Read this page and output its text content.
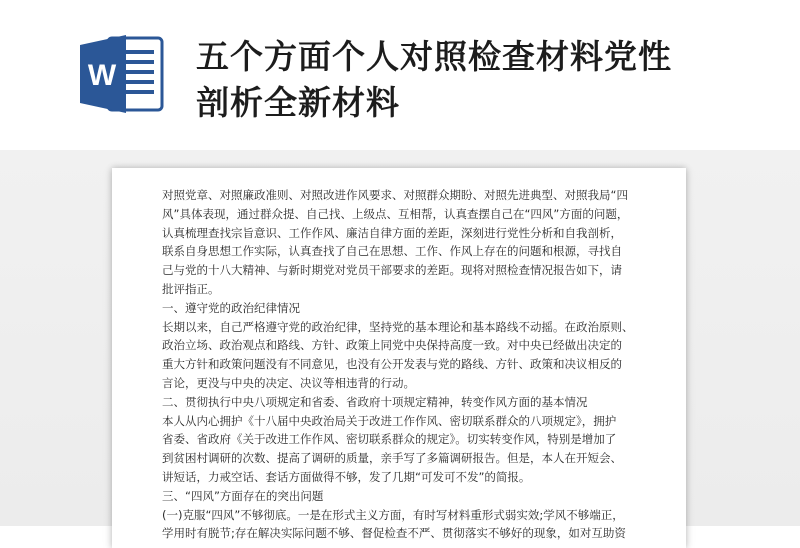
W 五个方面个人对照检查材料党性
剖析全新材料
对照党章、对照廉政准则、对照改进作风要求、对照群众期盼、对照先进典型、对照我局“四
风”具体表现，通过群众提、自己找、上级点、互相帮，认真查摆自己在“四风”方面的问题，
认真梳理查找宗旨意识、工作作风、廉洁自律方面的差距，深刻进行党性分析和自我剖析，
联系自身思想工作实际，认真查找了自己在思想、工作、作风上存在的问题和根源，寻找自
己与党的十八大精神、与新时期党对党员干部要求的差距。现将对照检查情况报告如下，请
批评指正。
一、遵守党的政治纪律情况
长期以来，自己严格遵守党的政治纪律，坚持党的基本理论和基本路线不动摇。在政治原则、
政治立场、政治观点和路线、方针、政策上同党中央保持高度一致。对中央已经做出决定的
重大方针和政策问题没有不同意见，也没有公开发表与党的路线、方针、政策和决议相反的
言论，更没与中央的决定、决议等相违背的行动。
二、贯彻执行中央八项规定和省委、省政府十项规定精神，转变作风方面的基本情况
本人从内心拥护《十八届中央政治局关于改进工作作风、密切联系群众的八项规定》，拥护
省委、省政府《关于改进工作作风、密切联系群众的规定》。切实转变作风，特别是增加了
到贫困村调研的次数、提高了调研的质量，亲手写了多篇调研报告。但是，本人在开短会、
讲短话，力戒空话、套话方面做得不够，发了几期“可发可不发”的简报。
三、“四风”方面存在的突出问题
(一)克服“四风”不够彻底。一是在形式主义方面，有时写材料重形式弱实效;学风不够端正，
学用时有脱节;存在解决实际问题不够、督促检查不严、贯彻落实不够好的现象，如对互助资
